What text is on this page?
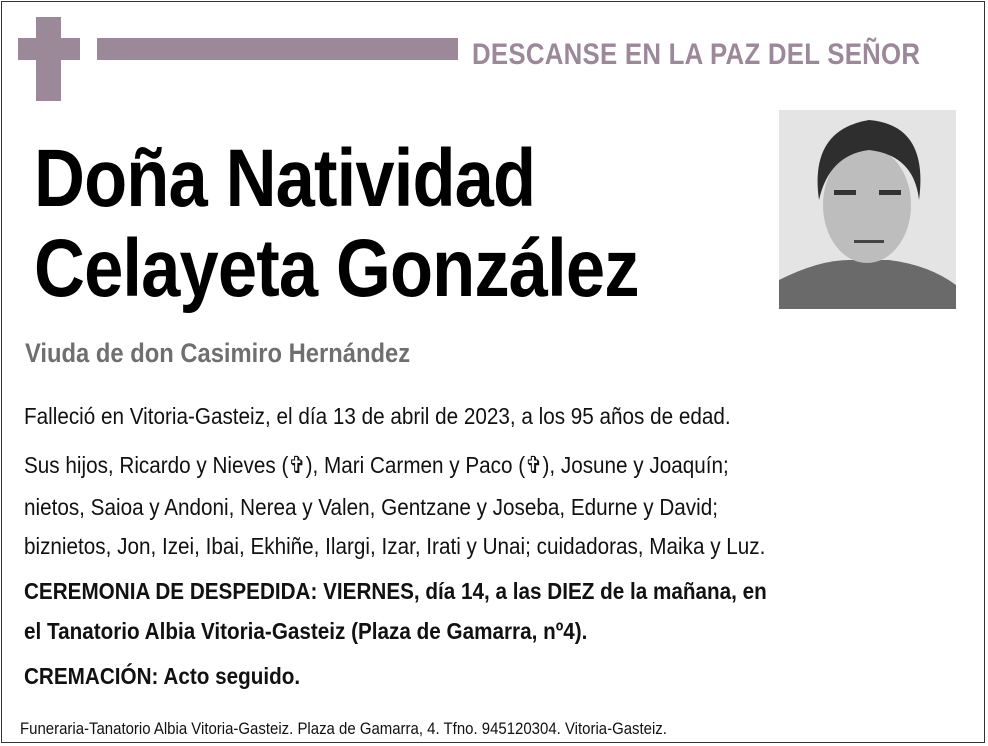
DESCANSE EN LA PAZ DEL SEÑOR
Doña Natividad
Celayeta González
Viuda de don Casimiro Hernández
Falleció en Vitoria-Gasteiz, el día 13 de abril de 2023, a los 95 años de edad.
Sus hijos, Ricardo y Nieves (✞), Mari Carmen y Paco (✞), Josune y Joaquín;
nietos, Saioa y Andoni, Nerea y Valen, Gentzane y Joseba, Edurne y David;
biznietos, Jon, Izei, Ibai, Ekhiñe, Ilargi, Izar, Irati y Unai; cuidadoras, Maika y Luz.
CEREMONIA DE DESPEDIDA: VIERNES, día 14, a las DIEZ de la mañana, en
el Tanatorio Albia Vitoria-Gasteiz (Plaza de Gamarra, nº4).
CREMACIÓN: Acto seguido.
Funeraria-Tanatorio Albia Vitoria-Gasteiz. Plaza de Gamarra, 4. Tfno. 945120304. Vitoria-Gasteiz.
